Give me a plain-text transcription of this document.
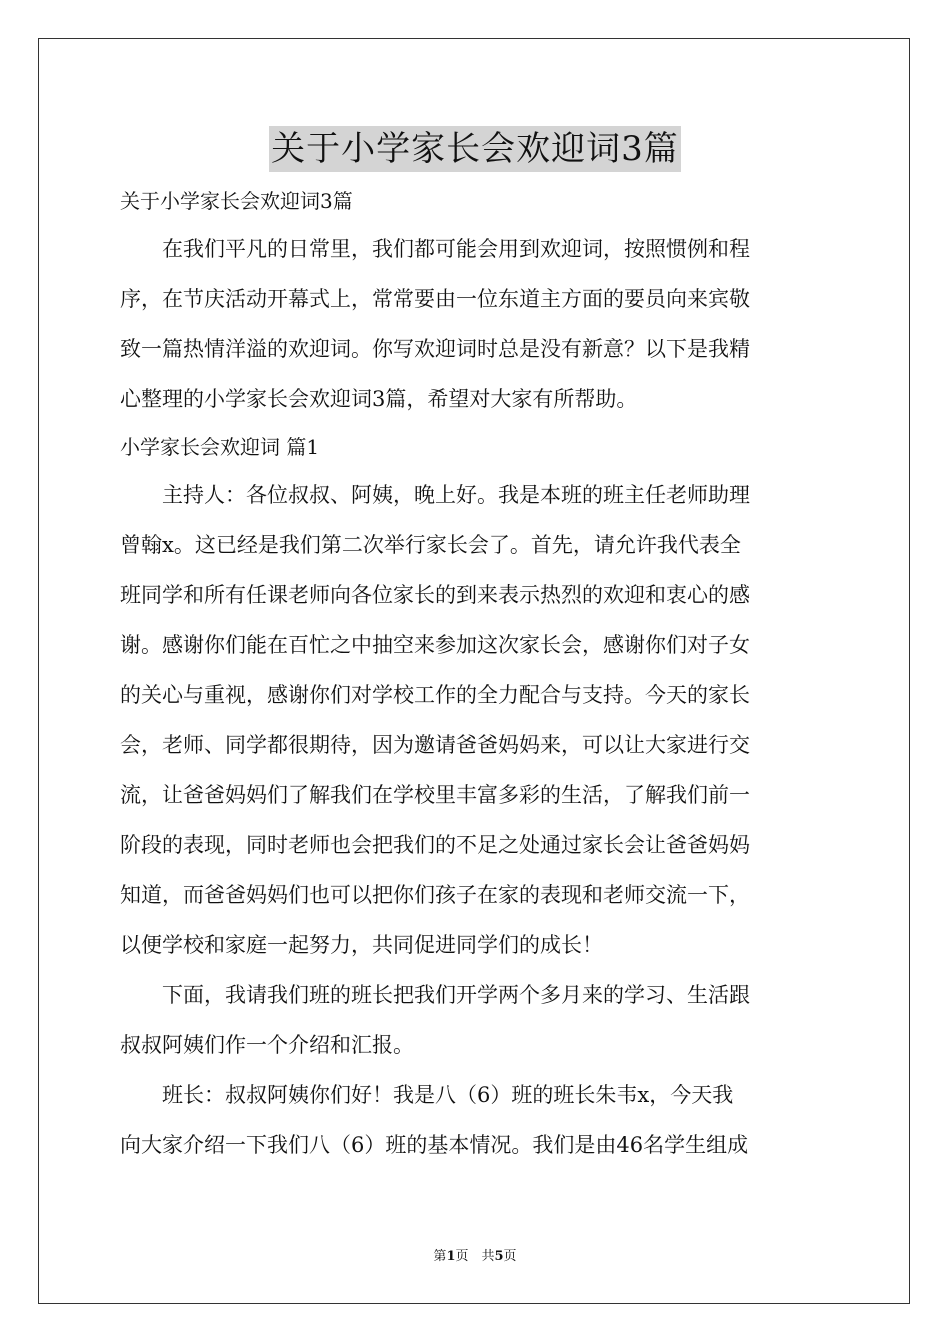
关于小学家长会欢迎词3篇
关于小学家长会欢迎词3篇
　　在我们平凡的日常里，我们都可能会用到欢迎词，按照惯例和程
序，在节庆活动开幕式上，常常要由一位东道主方面的要员向来宾敬
致一篇热情洋溢的欢迎词。你写欢迎词时总是没有新意？以下是我精
心整理的小学家长会欢迎词3篇，希望对大家有所帮助。
小学家长会欢迎词 篇1
　　主持人：各位叔叔、阿姨，晚上好。我是本班的班主任老师助理
曾翰x。这已经是我们第二次举行家长会了。首先，请允许我代表全
班同学和所有任课老师向各位家长的到来表示热烈的欢迎和衷心的感
谢。感谢你们能在百忙之中抽空来参加这次家长会，感谢你们对子女
的关心与重视，感谢你们对学校工作的全力配合与支持。今天的家长
会，老师、同学都很期待，因为邀请爸爸妈妈来，可以让大家进行交
流，让爸爸妈妈们了解我们在学校里丰富多彩的生活，了解我们前一
阶段的表现，同时老师也会把我们的不足之处通过家长会让爸爸妈妈
知道，而爸爸妈妈们也可以把你们孩子在家的表现和老师交流一下，
以便学校和家庭一起努力，共同促进同学们的成长！
　　下面，我请我们班的班长把我们开学两个多月来的学习、生活跟
叔叔阿姨们作一个介绍和汇报。
　　班长：叔叔阿姨你们好！我是八（6）班的班长朱韦x，今天我
向大家介绍一下我们八（6）班的基本情况。我们是由46名学生组成
第1页　共5页
